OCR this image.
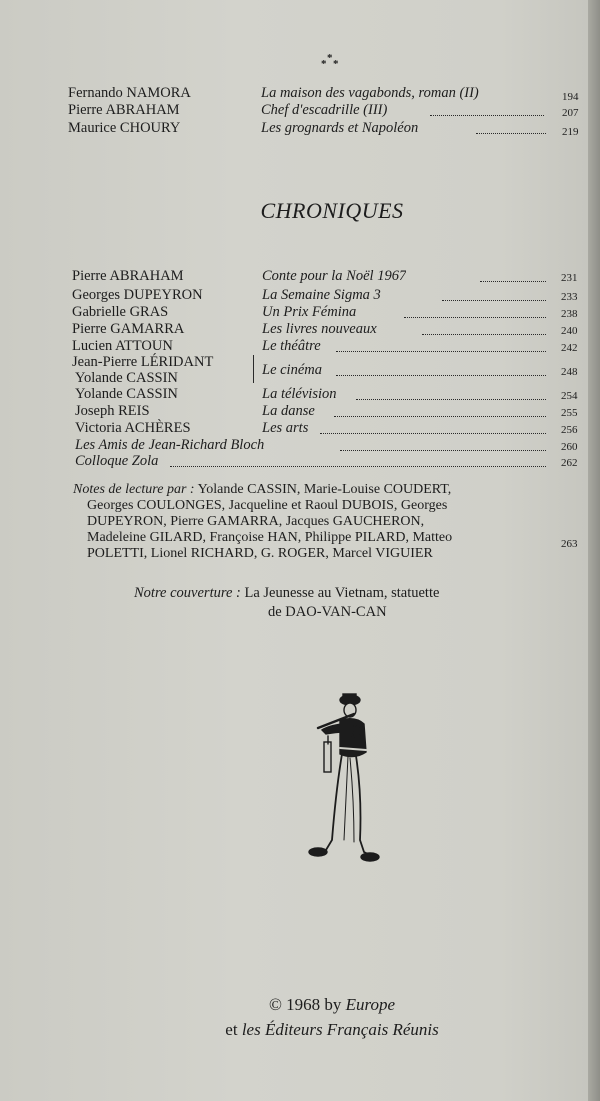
*
* *
Fernando NAMORA	La maison des vagabonds, roman (II)	194
Pierre ABRAHAM	Chef d'escadrille (III)	207
Maurice CHOURY	Les grognards et Napoléon	219
CHRONIQUES
Pierre ABRAHAM	Conte pour la Noël 1967	231
Georges DUPEYRON	La Semaine Sigma 3	233
Gabrielle GRAS	Un Prix Fémina	238
Pierre GAMARRA	Les livres nouveaux	240
Lucien ATTOUN	Le théâtre	242
Jean-Pierre LÉRIDANT
Yolande CASSIN	Le cinéma	248
Yolande CASSIN	La télévision	254
Joseph REIS	La danse	255
Victoria ACHÈRES	Les arts	256
Les Amis de Jean-Richard Bloch	260
Colloque Zola	262
Notes de lecture par : Yolande CASSIN, Marie-Louise COUDERT,
Georges COULONGES, Jacqueline et Raoul DUBOIS, Georges
DUPEYRON, Pierre GAMARRA, Jacques GAUCHERON,
Madeleine GILARD, Françoise HAN, Philippe PILARD, Matteo
POLETTI, Lionel RICHARD, G. ROGER, Marcel VIGUIER
263
Notre couverture : La Jeunesse au Vietnam, statuette
de DAO-VAN-CAN
© 1968 by Europe
et les Éditeurs Français Réunis
